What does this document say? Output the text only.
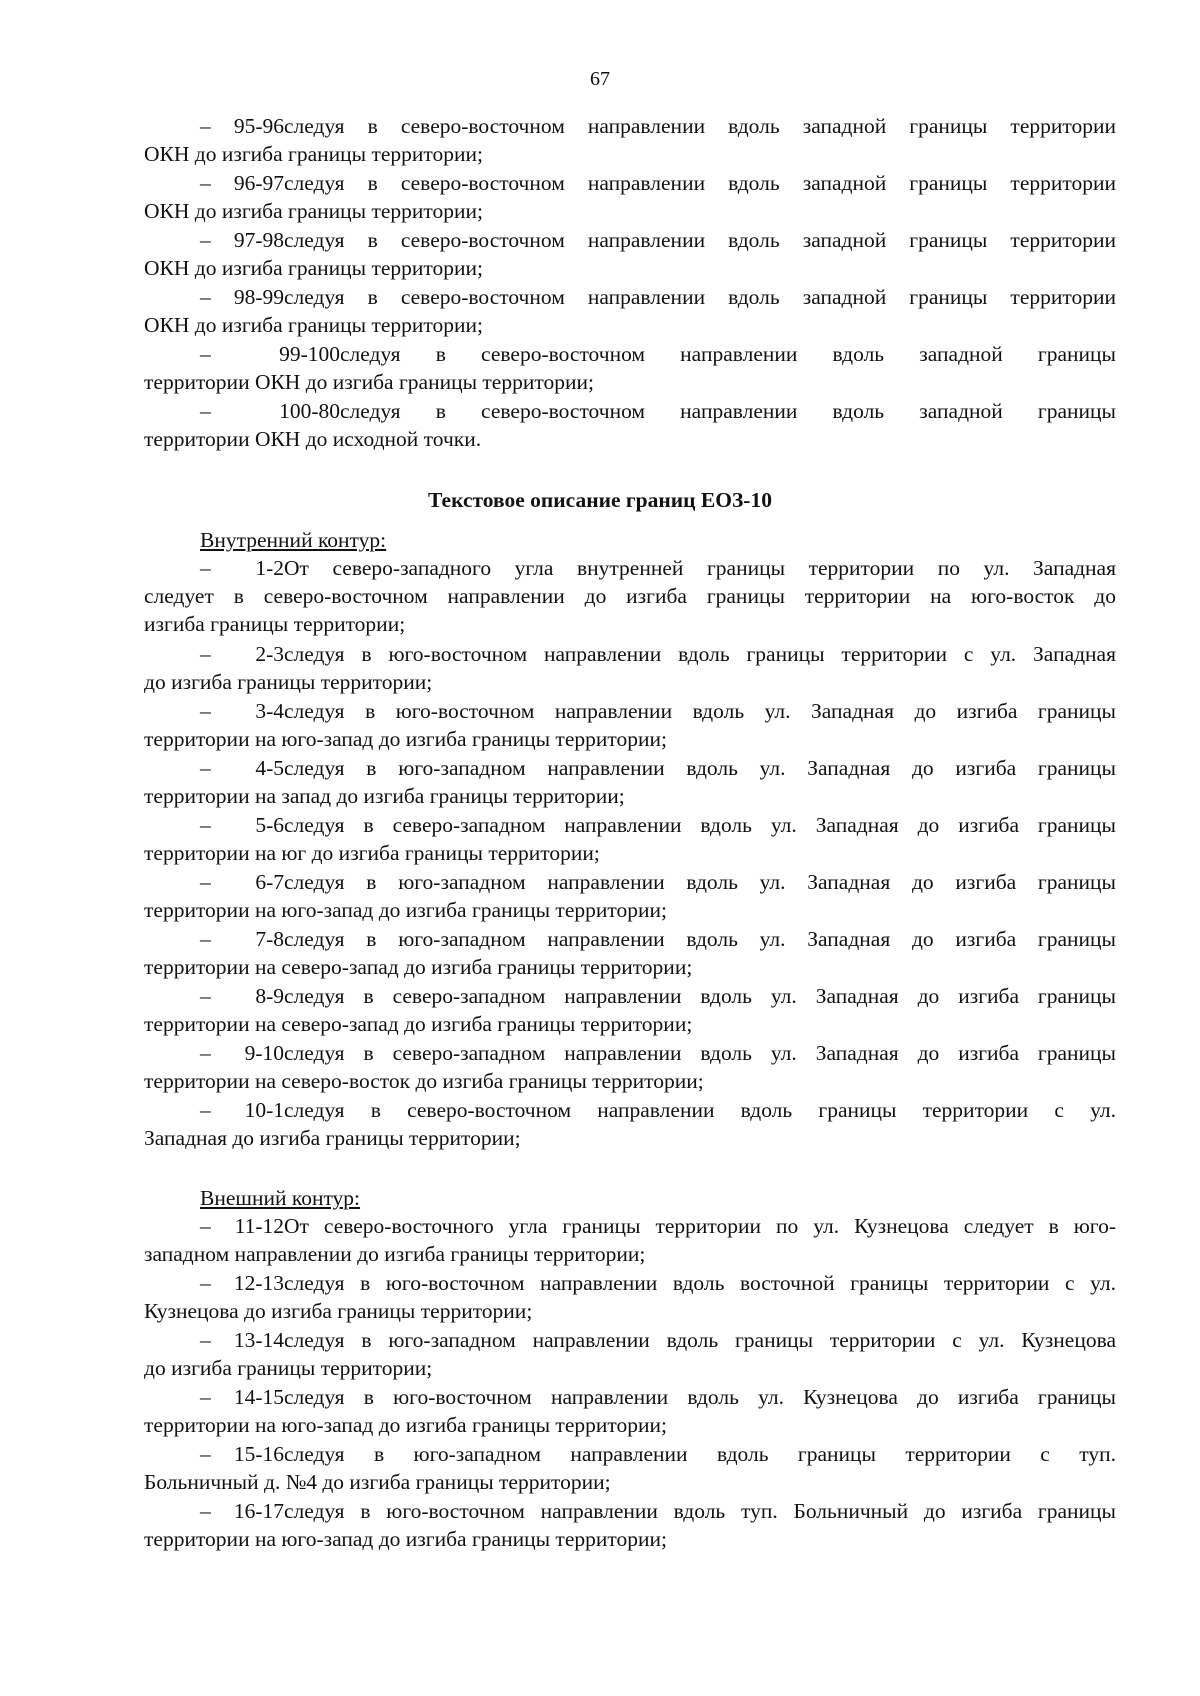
67
– 95-96следуя в северо-восточном направлении вдоль западной границы территории
ОКН до изгиба границы территории;
– 96-97следуя в северо-восточном направлении вдоль западной границы территории
ОКН до изгиба границы территории;
– 97-98следуя в северо-восточном направлении вдоль западной границы территории
ОКН до изгиба границы территории;
– 98-99следуя в северо-восточном направлении вдоль западной границы территории
ОКН до изгиба границы территории;
– 99-100следуя в северо-восточном направлении вдоль западной границы
территории ОКН до изгиба границы территории;
– 100-80следуя в северо-восточном направлении вдоль западной границы
территории ОКН до исходной точки.
Текстовое описание границ ЕОЗ-10
Внутренний контур:
– 1-2От северо-западного угла внутренней границы территории по ул. Западная
следует в северо-восточном направлении до изгиба границы территории на юго-восток до
изгиба границы территории;
– 2-3следуя в юго-восточном направлении вдоль границы территории с ул. Западная
до изгиба границы территории;
– 3-4следуя в юго-восточном направлении вдоль ул. Западная до изгиба границы
территории на юго-запад до изгиба границы территории;
– 4-5следуя в юго-западном направлении вдоль ул. Западная до изгиба границы
территории на запад до изгиба границы территории;
– 5-6следуя в северо-западном направлении вдоль ул. Западная до изгиба границы
территории на юг до изгиба границы территории;
– 6-7следуя в юго-западном направлении вдоль ул. Западная до изгиба границы
территории на юго-запад до изгиба границы территории;
– 7-8следуя в юго-западном направлении вдоль ул. Западная до изгиба границы
территории на северо-запад до изгиба границы территории;
– 8-9следуя в северо-западном направлении вдоль ул. Западная до изгиба границы
территории на северо-запад до изгиба границы территории;
– 9-10следуя в северо-западном направлении вдоль ул. Западная до изгиба границы
территории на северо-восток до изгиба границы территории;
– 10-1следуя в северо-восточном направлении вдоль границы территории с ул.
Западная до изгиба границы территории;
Внешний контур:
– 11-12От северо-восточного угла границы территории по ул. Кузнецова следует в юго-
западном направлении до изгиба границы территории;
– 12-13следуя в юго-восточном направлении вдоль восточной границы территории с ул.
Кузнецова до изгиба границы территории;
– 13-14следуя в юго-западном направлении вдоль границы территории с ул. Кузнецова
до изгиба границы территории;
– 14-15следуя в юго-восточном направлении вдоль ул. Кузнецова до изгиба границы
территории на юго-запад до изгиба границы территории;
– 15-16следуя в юго-западном направлении вдоль границы территории с туп.
Больничный д. №4 до изгиба границы территории;
– 16-17следуя в юго-восточном направлении вдоль туп. Больничный до изгиба границы
территории на юго-запад до изгиба границы территории;
